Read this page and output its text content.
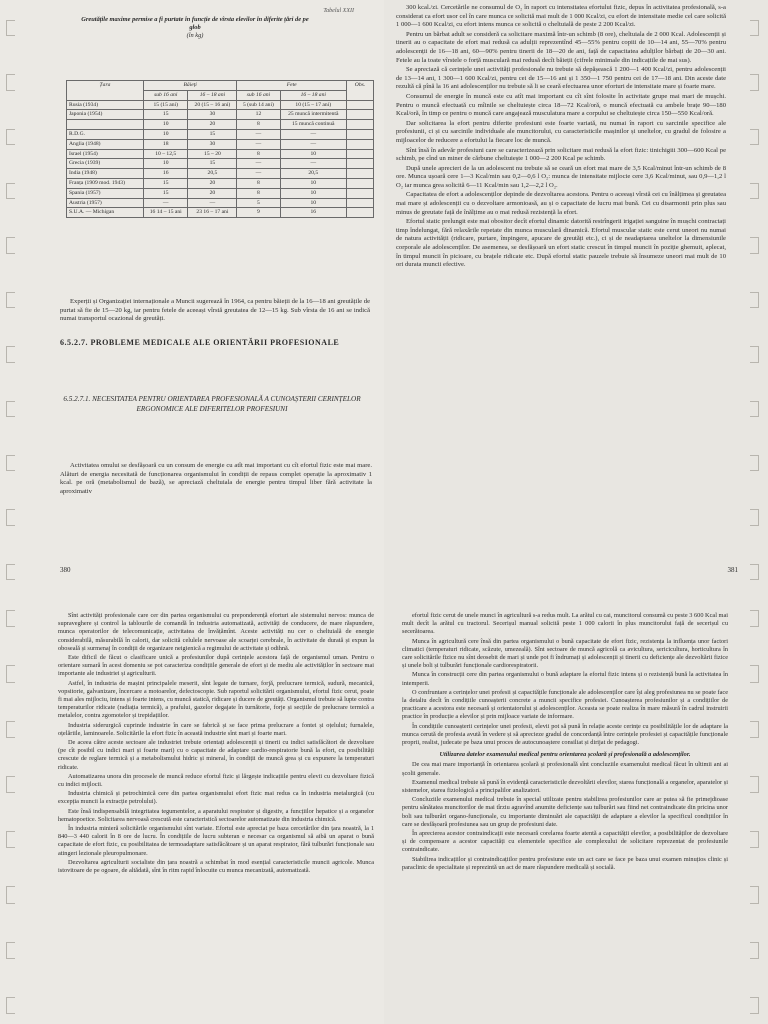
Tabelul XXII
Greutățile maxime permise a fi purtate în funcție de vîrsta elevilor în diferite țări de pe glob
(în kg)
Țara	Băieți		Fete		Obs.
	sub 16 ani	16 – 18 ani	sub 16 ani	16 – 18 ani	
Rusia (1934)	15 (15 ani)	20 (15 – 16 ani)	5 (sub 14 ani)	10 (15 – 17 ani)	
Japonia (1954)	15	30	12	25 muncă intermitentă	
	10	20	8	15 muncă continuă	
R.D.G.	10	15	—	—	
Anglia (1948)	18	30	—	—	
Israel (1954)	10 – 12,5	15 – 20	8	10	
Grecia (1939)	10	15	—	—	
India (1948)	16	20,5	—	20,5	
Franța (1909 mod. 1943)	15	20	8	10	
Spania (1957)	15	20	8	10	
Austria (1957)	—	—	5	10	
S.U.A. — Michigan	16 14 – 15 ani	23 16 – 17 ani	9	16	

Experții și Organizației internaționale a Muncii sugerează în 1964, ca pentru băieții de la 16—18 ani greutățile de purtat să fie de 15—20 kg, iar pentru fetele de aceeași vîrstă greutatea de 12—15 kg. Sub vîrsta de 16 ani se indică numai transportul ocazional de greutăți.

6.5.2.7. PROBLEME MEDICALE ALE ORIENTĂRII PROFESIONALE
6.5.2.7.1. NECESITATEA PENTRU ORIENTAREA PROFESIONALĂ A CUNOAȘTERII CERINȚELOR ERGONOMICE ALE DIFERITELOR PROFESIUNI

Activitatea omului se desfășoară cu un consum de energie cu atît mai important cu cît efortul fizic este mai mare. Alături de energia necesitată de funcționarea organismului în condiții de repaus complet operație la aproximativ 1 kcal. pe oră (metabolismul de bază), se apreciază cheltuiala de energie pentru timpul liber fără activitate la aproximativ

380

300 kcal./zi. Cercetările ne consumul de O₂ în raport cu intensitatea efortului fizic, depus în activitatea profesională, s-a considerat ca efort usor cel în care munca ce solicită mai mult de 1 000 Kcal/zi, cu efort de intensitate medie cel care solicită 1 000—1 600 Kcal/zi, cu efort intens munca ce solicită o cheltuială de peste 2 200 Kcal/zi.

Pentru un bărbat adult se consideră ca solicitare maximă într-un schimb (8 ore), cheltuiala de 2 000 Kcal. Adolescenții și tinerii au o capacitate de efort mai redusă ca adulții reprezentînd 45—55% pentru copiii de 10—14 ani, 55—70% pentru adolescenții de 16—18 ani, 60—90% pentru tinerii de 18—20 de ani, față de capacitatea adulților bărbați de 20—30 ani. Fetele au la toate vîrstele o forță musculară mai redusă decît băieții (cifrele minimale din indicațiile de mai sus).

Se apreciază că cerințele unei activități profesionale nu trebuie să depășească 1 200—1 400 Kcal/zi, pentru adolescenții de 13—14 ani, 1 300—1 600 Kcal/zi, pentru cei de 15—16 ani și 1 350—1 750 pentru cei de 17—18 ani. Din aceste date rezultă că pînă la 16 ani adolescenților nu trebuie să li se ceară efectuarea unor eforturi de intensitate mare și foarte mare.

Consumul de energie în muncă este cu atît mai important cu cît sînt folosite în activitate grupe mai mari de mușchi. Pentru o muncă efectuată cu mîinile se cheltuiește circa 18—72 Kcal/oră, o muncă efectuată cu ambele brațe 90—180 Kcal/oră, în timp ce pentru o muncă care angajează musculatura mare a corpului se cheltuiește circa 150—550 Kcal/oră.

Dar solicitarea la efort pentru diferite profesiuni este foarte variată, nu numai în raport cu sarcinile specifice ale profesiunii, ci și cu sarcinile individuale ale muncitorului, cu caracteristicile mașinilor și uneltelor, cu gradul de folosire a mijloacelor de reducere a efortului la fiecare loc de muncă.

Sînt însă în adevăr profesiuni care se caracterizează prin solicitare mai redusă la efort fizic: tinichigiii 300—600 Kcal pe schimb, pe cînd un miner de cărbune cheltuiește 1 000—2 200 Kcal pe schimb.

După unele aprecieri de la un adolescent nu trebuie să se ceară un efort mai mare de 3,5 Kcal/minut într-un schimb de 8 ore. Munca ușoară cere 1—3 Kcal/min sau 0,2—0,6 l O₂: munca de intensitate mijlocie cere 3,6 Kcal/minut, sau 0,9—1,2 l O₂ iar munca grea solicită 6—11 Kcal/min sau 1,2—2,2 l O₂.

Capacitatea de efort a adolescenților depinde de dezvoltarea acestora. Pentru o aceeași vîrstă cei cu înălțimea și greutatea mai mare și adolescenții cu o dezvoltare armonioasă, au și o capacitate de lucru mai bună. Cei cu disarmonii prin plus sau minus de greutate față de înălțime au o mai redusă rezistență la efort.

Efortul static prelungit este mai obositor decît efortul dinamic datorită restrîngerii irigației sanguine în mușchi contractați timp îndelungat, fără relaxările repetate din munca musculară dinamică. Efortul muscular static este cerut uneori nu numai de natura activității (ridicare, purtare, împingere, apucare de greutăți etc.), ci și de neadaptarea uneltelor la dimensiunile corporale ale adolescenților. De asemenea, se desfășoară un efort static crescut în timpul muncii în poziție ghemuit, aplecat, în timpul muncii în picioare, cu brațele ridicate etc. După efortul static pauzele trebuie să însumeze uneori mai mult de 10 ori durata muncii efective.

381

Sînt activități profesionale care cer din partea organismului cu preponderență eforturi ale sistemului nervos: munca de supraveghere și control la tablourile de comandă în industria automatizată, activități de conducere, de mare răspundere, munca operatorilor de telecomunicație, activitatea de învățămînt. Aceste activități nu cer o cheltuială de energie considerabilă, măsurabilă în calorii, dar solicită celulele nervoase ale scoarței cerebrale, în activitate de durată și expun la oboseală și surmenaj în condiții de organizare neigienică a regimului de activitate și odihnă.

Este dificil de făcut o clasificare unică a profesiunilor după cerințele acestora față de organismul uman. Pentru o orientare sumară în acest domeniu se pot caracteriza condițiile generale de efort și de mediu ale activităților în sectoare mai importante ale industriei și agriculturii.

Astfel, în industria de mașini principalele meserii, sînt legate de turnare, forjă, prelucrare termică, sudură, mecanică, vopsitorie, galvanizare, încercare a motoarelor, defectoscopie. Sub raportul solicitării organismului, efortul fizic cerut, poate fi mai ales mijlociu, intens și foarte intens, cu muncă statică, ridicare și ducere de greutăți. Organismul trebuie să lupte contra temperaturilor ridicate (radiația termică), a prafului, gazelor degajate în turnătorie, forje și secțiile de prelucrare termică a metalelor, contra zgomotelor și trepidațiilor.

Industria siderurgică cuprinde industrie în care se fabrică și se face prima prelucrare a fontei și oțelului; furnalele, oțelăriile, laminoarele. Solicitările la efort fizic în această industrie sînt mari și foarte mari.

De aceea către aceste sectoare ale industriei trebuie orientați adolescenții și tinerii cu indici satisfăcători de dezvoltare (pe cît posibil cu indici mari și foarte mari) cu o capacitate de adaptare cardio-respiratorie bună la efort, cu posibilități crescute de reglare termică și a metabolismului hidric și mineral, în condiții de muncă grea și cu expunere la temperaturi ridicate.

Automatizarea unora din procesele de muncă reduce efortul fizic și lărgește indicațiile pentru elevii cu dezvoltare fizică cu indici mijlocii.

Industria chimică și petrochimică cere din partea organismului efort fizic mai redus ca în industria metalurgică (cu excepția muncii la extracție petrolului).

Este însă indispensabilă integritatea tegumentelor, a aparatului respirator și digestiv, a funcțiilor hepatice și a organelor hematopoetice. Solicitarea nervoasă crescută este caracteristică sectoarelor automatizate din industria chimică.

În industria minieră solicitările organismului sînt variate. Efortul este apreciat pe baza cercetărilor din țara noastră, la 1 840—3 440 calorii în 8 ore de lucru. În condițiile de lucru subteran e necesar ca organismul să aibă un aparat o bună capacitate de efort fizic, cu posibilitatea de termoadaptare satisfăcătoare și un aparat respirator, fără tulburări funcționale sau atingeri lezionale pleuropulmonare.

Dezvoltarea agriculturii socialiste din țara noastră a schimbat în mod esențial caracteristicile muncii agricole. Munca istovitoare de pe ogoare, de altădată, sînt în ritm rapid înlocuite cu munca mecanizată, automatizată.

efortul fizic cerut de unele munci în agricultură s-a redus mult. La arătul cu cai, muncitorul consumă cu peste 3 600 Kcal mai mult decît la arătul cu tractorul. Secerișul manual solicită peste 1 000 calorii în plus muncitorului față de secerișul cu secerătoarea.

Munca în agricultură cere însă din partea organismului o bună capacitate de efort fizic, rezistența la influența unor factori climatici (temperaturi ridicate, scăzute, umezeală). Sînt sectoare de muncă agricolă ca avicultura, sericicultura, horticultura în care solicitările fizice nu sînt deosebit de mari și unde pot fi îndrumați și adolescenții și tinerii cu deficiențe ale dezvoltării fizice și unele boli și tulburări funcționale cardiorespiratorii.

Munca în construcții cere din partea organismului o bună adaptare la efortul fizic intens și o rezistență bună la activitatea în intemperii.

O confruntare a cerințelor unei profesii și capacitățile funcționale ale adolescenților care își aleg profesiunea nu se poate face la detaliu decît în condițiile cunoașterii concrete a muncii specifice profesiei. Cunoașterea profesiunilor și a condițiilor de practicare a acestora este necesară și orientatorului și adolescenților. Aceasta se poate realiza în mare măsură în cadrul instruirii practice în producție a elevilor și prin mijloace variate de informare.

În condițiile cunoașterii cerințelor unei profesii, elevii pot să pună în relație aceste cerințe cu posibilitățile lor de adaptare la munca cerută de profesia avută în vedere și să aprecieze gradul de concordanță între cerințele profesiei și capacitățile funcționale proprii, realist, judecate pe baza unui proces de autocunoaștere consiliat și dirijat de pedagogi.

Utilizarea datelor examenului medical pentru orientarea școlară și profesională a adolescenților.

De cea mai mare importanță în orientarea școlară și profesională sînt concluziile examenului medical făcut în ultimii ani ai școlii generale.

Examenul medical trebuie să pună în evidență caracteristicile dezvoltării elevilor, starea funcțională a organelor, aparatelor și sistemelor, starea fiziologică a principalilor analizatori.

Concluziile examenului medical trebuie în special utilizate pentru stabilirea profesiunilor care ar putea să fie primejdioase pentru sănătatea muncitorilor de mai tîrziu agravînd anumite deficiențe sau tulburări sau fiind net contraindicate din pricina unor boli sau tulburări organo-funcționale, cu importante diminuări ale capacității de adaptare a elevilor la specificul condițiilor în care se desfășoară profesiunea sau un grup de profesiuni date.

În aprecierea acestor contraindicații este necesară corelarea foarte atentă a capacității elevilor, a posibilităților de dezvoltare și de compensare a acestor capacități cu elementele specifice ale complexului de solicitare reprezentat de profesiunile contraindicate.

Stabilirea indicațiilor și contraindicațiilor pentru profesiune este un act care se face pe baza unui examen minuțios clinic și paraclinic de specialitate și reprezintă un act de mare răspundere medicală și socială.
